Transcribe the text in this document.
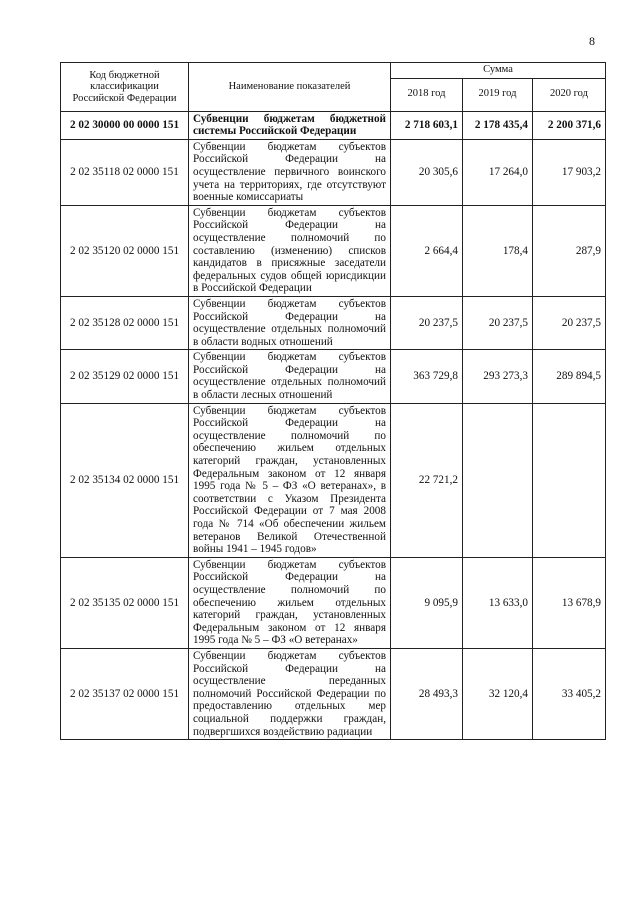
8
Код бюджетной классификации Российской Федерации	Наименование показателей	Сумма		
		2018 год	2019 год	2020 год
2 02 30000 00 0000 151	Субвенции бюджетам бюджетной системы Российской Федерации	2 718 603,1	2 178 435,4	2 200 371,6
2 02 35118 02 0000 151	Субвенции бюджетам субъектов Российской Федерации на осуществление первичного воинского учета на территориях, где отсутствуют военные комиссариаты	20 305,6	17 264,0	17 903,2
2 02 35120 02 0000 151	Субвенции бюджетам субъектов Российской Федерации на осуществление полномочий по составлению (изменению) списков кандидатов в присяжные заседатели федеральных судов общей юрисдикции в Российской Федерации	2 664,4	178,4	287,9
2 02 35128 02 0000 151	Субвенции бюджетам субъектов Российской Федерации на осуществление отдельных полномочий в области водных отношений	20 237,5	20 237,5	20 237,5
2 02 35129 02 0000 151	Субвенции бюджетам субъектов Российской Федерации на осуществление отдельных полномочий в области лесных отношений	363 729,8	293 273,3	289 894,5
2 02 35134 02 0000 151	Субвенции бюджетам субъектов Российской Федерации на осуществление полномочий по обеспечению жильем отдельных категорий граждан, установленных Федеральным законом от 12 января 1995 года № 5 – ФЗ «О ветеранах», в соответствии с Указом Президента Российской Федерации от 7 мая 2008 года № 714 «Об обеспечении жильем ветеранов Великой Отечественной войны 1941 – 1945 годов»	22 721,2		
2 02 35135 02 0000 151	Субвенции бюджетам субъектов Российской Федерации на осуществление полномочий по обеспечению жильем отдельных категорий граждан, установленных Федеральным законом от 12 января 1995 года № 5 – ФЗ «О ветеранах»	9 095,9	13 633,0	13 678,9
2 02 35137 02 0000 151	Субвенции бюджетам субъектов Российской Федерации на осуществление переданных полномочий Российской Федерации по предоставлению отдельных мер социальной поддержки граждан, подвергшихся воздействию радиации	28 493,3	32 120,4	33 405,2
